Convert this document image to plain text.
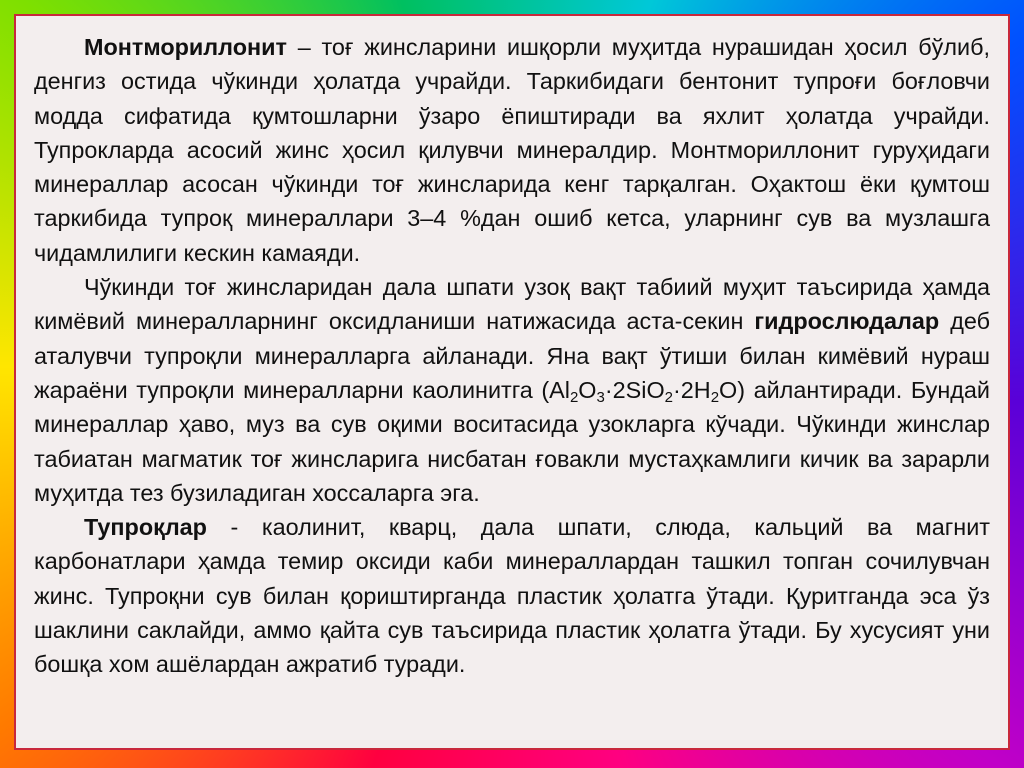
Монтмориллонит – тоғ жинсларини ишқорли муҳитда нурашидан ҳосил бўлиб, денгиз остида чўкинди ҳолатда учрайди. Таркибидаги бентонит тупроғи боғловчи модда сифатида қумтошларни ўзаро ёпиштиради ва яхлит ҳолатда учрайди. Тупрокларда асосий жинс ҳосил қилувчи минералдир. Монтмориллонит гуруҳидаги минераллар асосан чўкинди тоғ жинсларида кенг тарқалган. Оҳактош ёки қумтош таркибида тупроқ минераллари 3–4 %дан ошиб кетса, уларнинг сув ва музлашга чидамлилиги кескин камаяди.

Чўкинди тоғ жинсларидан дала шпати узоқ вақт табиий муҳит таъсирида ҳамда кимёвий минералларнинг оксидланиши натижасида аста-секин гидрослюдалар деб аталувчи тупроқли минералларга айланади. Яна вақт ўтиши билан кимёвий нураш жараёни тупроқли минералларни каолинитга $(Al_2O_3\cdot 2SiO_2\cdot 2H_2O)$ айлантиради. Бундай минераллар ҳаво, муз ва сув оқими воситасида узокларга кўчади. Чўкинди жинслар табиатан магматик тоғ жинсларига нисбатан ғовакли мустаҳкамлиги кичик ва зарарли муҳитда тез бузиладиган хоссаларга эга.

Тупроқлар - каолинит, кварц, дала шпати, слюда, кальций ва магнит карбонатлари ҳамда темир оксиди каби минераллардан ташкил топган сочилувчан жинс. Тупроқни сув билан қориштирганда пластик ҳолатга ўтади. Қуритганда эса ўз шаклини саклайди, аммо қайта сув таъсирида пластик ҳолатга ўтади. Бу хусусият уни бошқа хом ашёлардан ажратиб туради.
